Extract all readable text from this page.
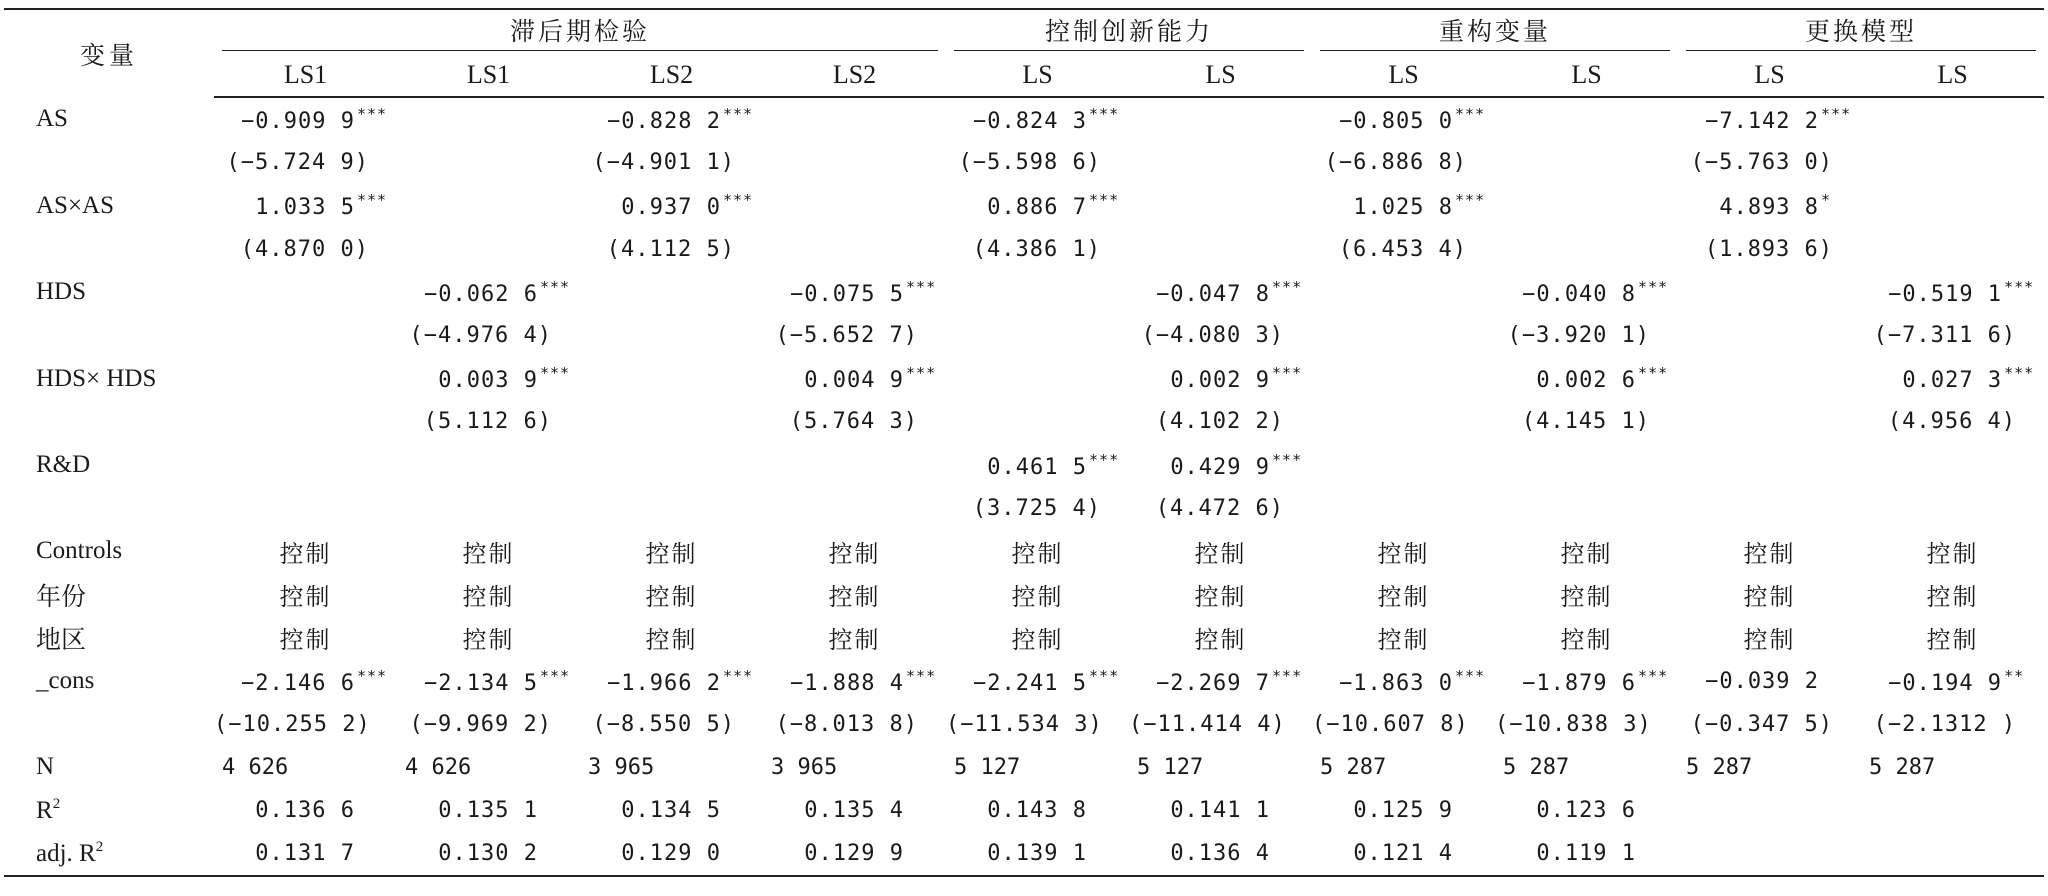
变量	滞后期检验				控制创新能力		重构变量		更换模型	

	LS1	LS1	LS2	LS2	LS	LS	LS	LS	LS	LS
AS	−0.909 9 ***		−0.828 2 ***		−0.824 3 ***		−0.805 0 ***		−7.142 2 ***	
	(−5.724 9)		(−4.901 1)		(−5.598 6)		(−6.886 8)		(−5.763 0)	
AS×AS	1.033 5 ***		0.937 0 ***		0.886 7 ***		1.025 8 ***		4.893 8 *	
	(4.870 0)		(4.112 5)		(4.386 1)		(6.453 4)		(1.893 6)	
HDS		−0.062 6 ***		−0.075 5 ***		−0.047 8 ***		−0.040 8 ***		−0.519 1 ***
		(−4.976 4)		(−5.652 7)		(−4.080 3)		(−3.920 1)		(−7.311 6)
HDS× HDS		0.003 9 ***		0.004 9 ***		0.002 9 ***		0.002 6 ***		0.027 3 ***
		(5.112 6)		(5.764 3)		(4.102 2)		(4.145 1)		(4.956 4)
R&D					0.461 5 ***	0.429 9 ***				
					(3.725 4)	(4.472 6)				
Controls	控制	控制	控制	控制	控制	控制	控制	控制	控制	控制
年份	控制	控制	控制	控制	控制	控制	控制	控制	控制	控制
地区	控制	控制	控制	控制	控制	控制	控制	控制	控制	控制
_cons	−2.146 6 ***	−2.134 5 ***	−1.966 2 ***	−1.888 4 ***	−2.241 5 ***	−2.269 7 ***	−1.863 0 ***	−1.879 6 ***	−0.039 2	−0.194 9 **
	(−10.255 2)	(−9.969 2)	(−8.550 5)	(−8.013 8)	(−11.534 3)	(−11.414 4)	(−10.607 8)	(−10.838 3)	(−0.347 5)	(−2.1312 )
N	4 626	4 626	3 965	3 965	5 127	5 127	5 287	5 287	5 287	5 287
$R^2$	0.136 6	0.135 1	0.134 5	0.135 4	0.143 8	0.141 1	0.125 9	0.123 6		
adj. $R^2$	0.131 7	0.130 2	0.129 0	0.129 9	0.139 1	0.136 4	0.121 4	0.119 1		
